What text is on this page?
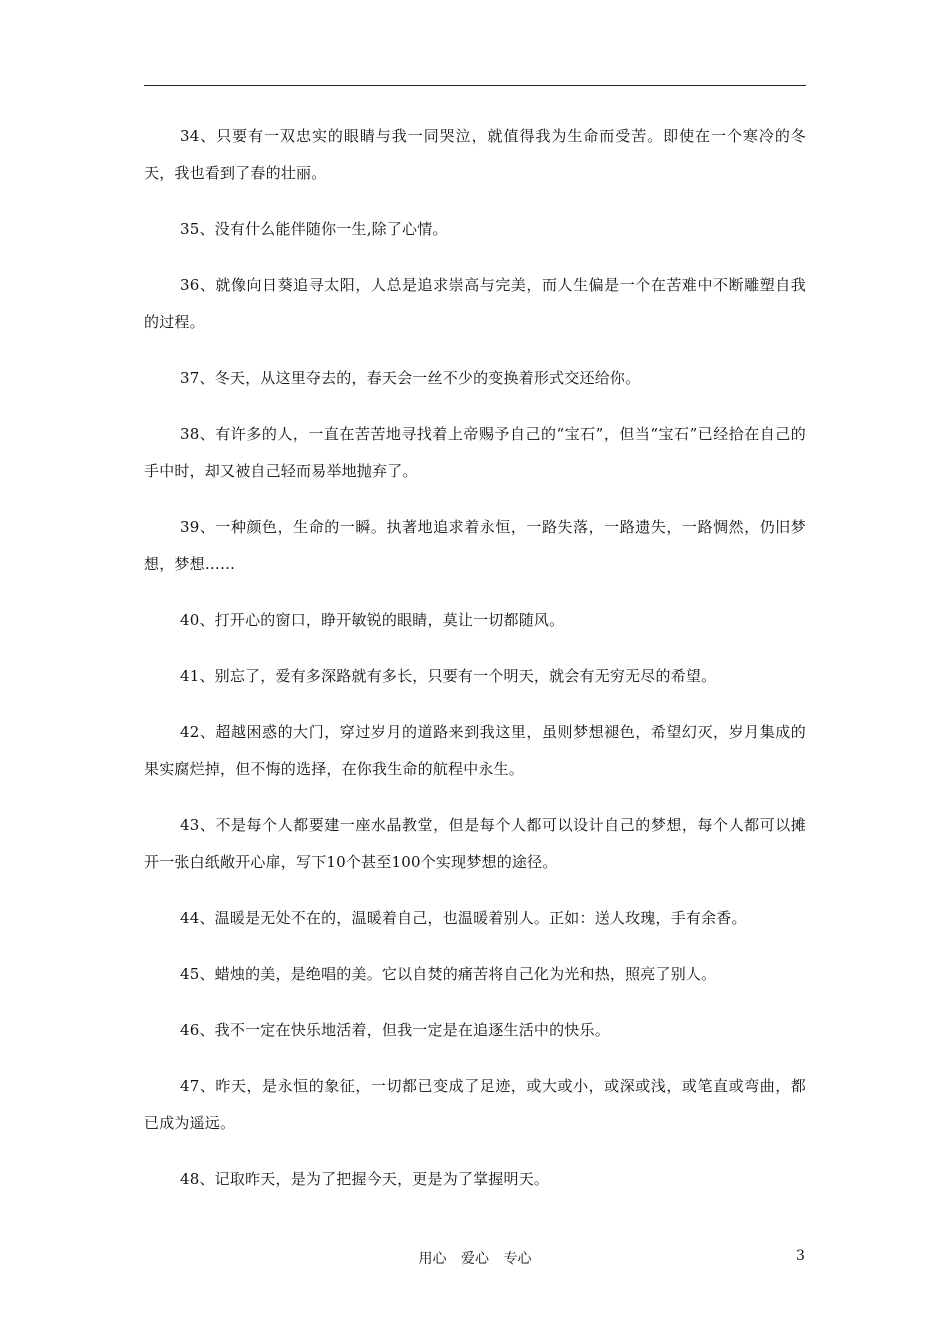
34、只要有一双忠实的眼睛与我一同哭泣，就值得我为生命而受苦。即使在一个寒冷的冬天，我也看到了春的壮丽。

35、没有什么能伴随你一生,除了心情。

36、就像向日葵追寻太阳，人总是追求崇高与完美，而人生偏是一个在苦难中不断雕塑自我的过程。

37、冬天，从这里夺去的，春天会一丝不少的变换着形式交还给你。

38、有许多的人，一直在苦苦地寻找着上帝赐予自己的“宝石”，但当“宝石”已经拾在自己的手中时，却又被自己轻而易举地抛弃了。

39、一种颜色，生命的一瞬。执著地追求着永恒，一路失落，一路遗失，一路惆然，仍旧梦想，梦想……

40、打开心的窗口，睁开敏锐的眼睛，莫让一切都随风。

41、别忘了，爱有多深路就有多长，只要有一个明天，就会有无穷无尽的希望。

42、超越困惑的大门，穿过岁月的道路来到我这里，虽则梦想褪色，希望幻灭，岁月集成的果实腐烂掉，但不悔的选择，在你我生命的航程中永生。

43、不是每个人都要建一座水晶教堂，但是每个人都可以设计自己的梦想，每个人都可以摊开一张白纸敞开心扉，写下10个甚至100个实现梦想的途径。

44、温暖是无处不在的，温暖着自己，也温暖着别人。正如：送人玫瑰，手有余香。

45、蜡烛的美，是绝唱的美。它以自焚的痛苦将自己化为光和热，照亮了别人。

46、我不一定在快乐地活着，但我一定是在追逐生活中的快乐。

47、昨天，是永恒的象征，一切都已变成了足迹，或大或小，或深或浅，或笔直或弯曲，都已成为遥远。

48、记取昨天，是为了把握今天，更是为了掌握明天。

用心 爱心 专心	3
